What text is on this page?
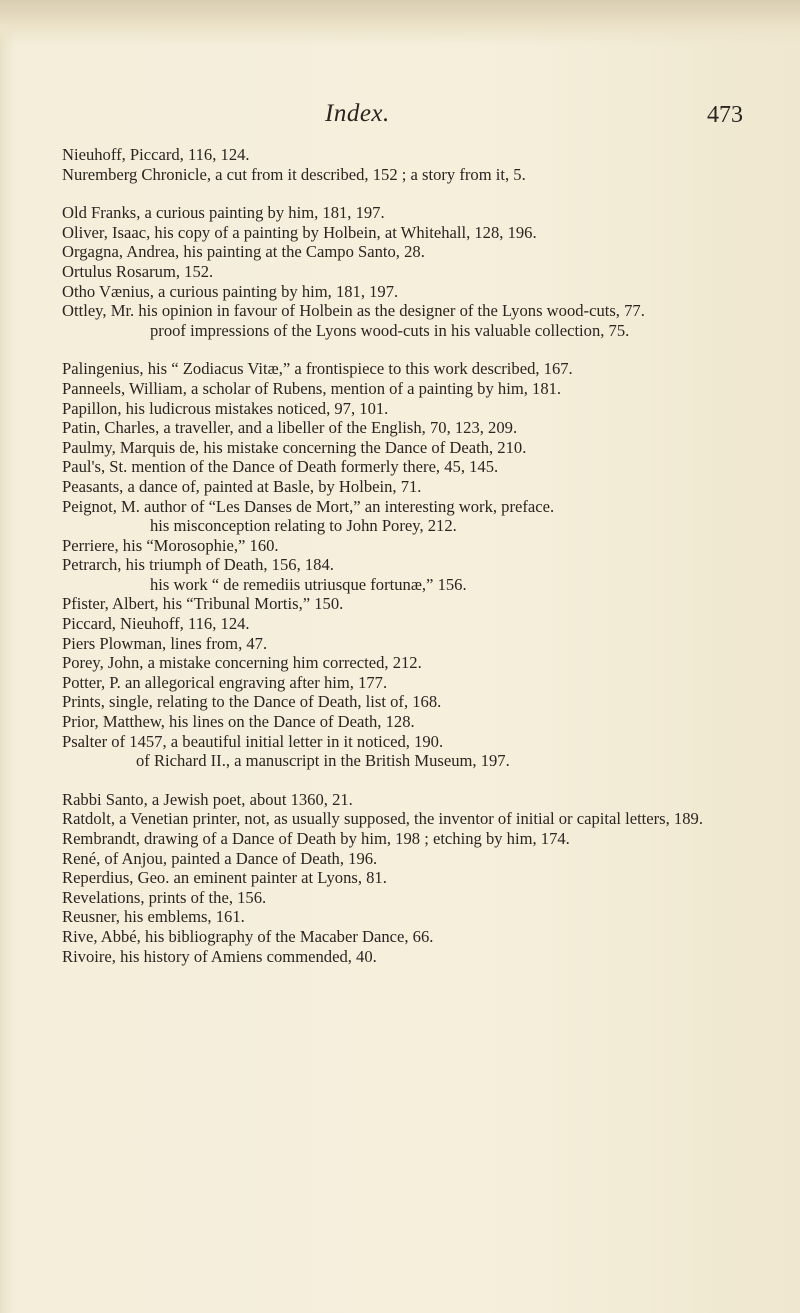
Index.	473

Nieuhoff, Piccard, 116, 124.

Nuremberg Chronicle, a cut from it described, 152 ; a story from it, 5.

Old Franks, a curious painting by him, 181, 197.

Oliver, Isaac, his copy of a painting by Holbein, at Whitehall, 128, 196.

Orgagna, Andrea, his painting at the Campo Santo, 28.

Ortulus Rosarum, 152.

Otho Vænius, a curious painting by him, 181, 197.

Ottley, Mr. his opinion in favour of Holbein as the designer of the Lyons wood-cuts, 77.

proof impressions of the Lyons wood-cuts in his valuable collection, 75.

Palingenius, his “ Zodiacus Vitæ,” a frontispiece to this work described, 167.

Panneels, William, a scholar of Rubens, mention of a painting by him, 181.

Papillon, his ludicrous mistakes noticed, 97, 101.

Patin, Charles, a traveller, and a libeller of the English, 70, 123, 209.

Paulmy, Marquis de, his mistake concerning the Dance of Death, 210.

Paul's, St. mention of the Dance of Death formerly there, 45, 145.

Peasants, a dance of, painted at Basle, by Holbein, 71.

Peignot, M. author of “Les Danses de Mort,” an interesting work, preface.

his misconception relating to John Porey, 212.

Perriere, his “Morosophie,” 160.

Petrarch, his triumph of Death, 156, 184.

his work “ de remediis utriusque fortunæ,” 156.

Pfister, Albert, his “Tribunal Mortis,” 150.

Piccard, Nieuhoff, 116, 124.

Piers Plowman, lines from, 47.

Porey, John, a mistake concerning him corrected, 212.

Potter, P. an allegorical engraving after him, 177.

Prints, single, relating to the Dance of Death, list of, 168.

Prior, Matthew, his lines on the Dance of Death, 128.

Psalter of 1457, a beautiful initial letter in it noticed, 190.

of Richard II., a manuscript in the British Museum, 197.

Rabbi Santo, a Jewish poet, about 1360, 21.

Ratdolt, a Venetian printer, not, as usually supposed, the inventor of initial or capital letters, 189.

Rembrandt, drawing of a Dance of Death by him, 198 ; etching by him, 174.

René, of Anjou, painted a Dance of Death, 196.

Reperdius, Geo. an eminent painter at Lyons, 81.

Revelations, prints of the, 156.

Reusner, his emblems, 161.

Rive, Abbé, his bibliography of the Macaber Dance, 66.

Rivoire, his history of Amiens commended, 40.
